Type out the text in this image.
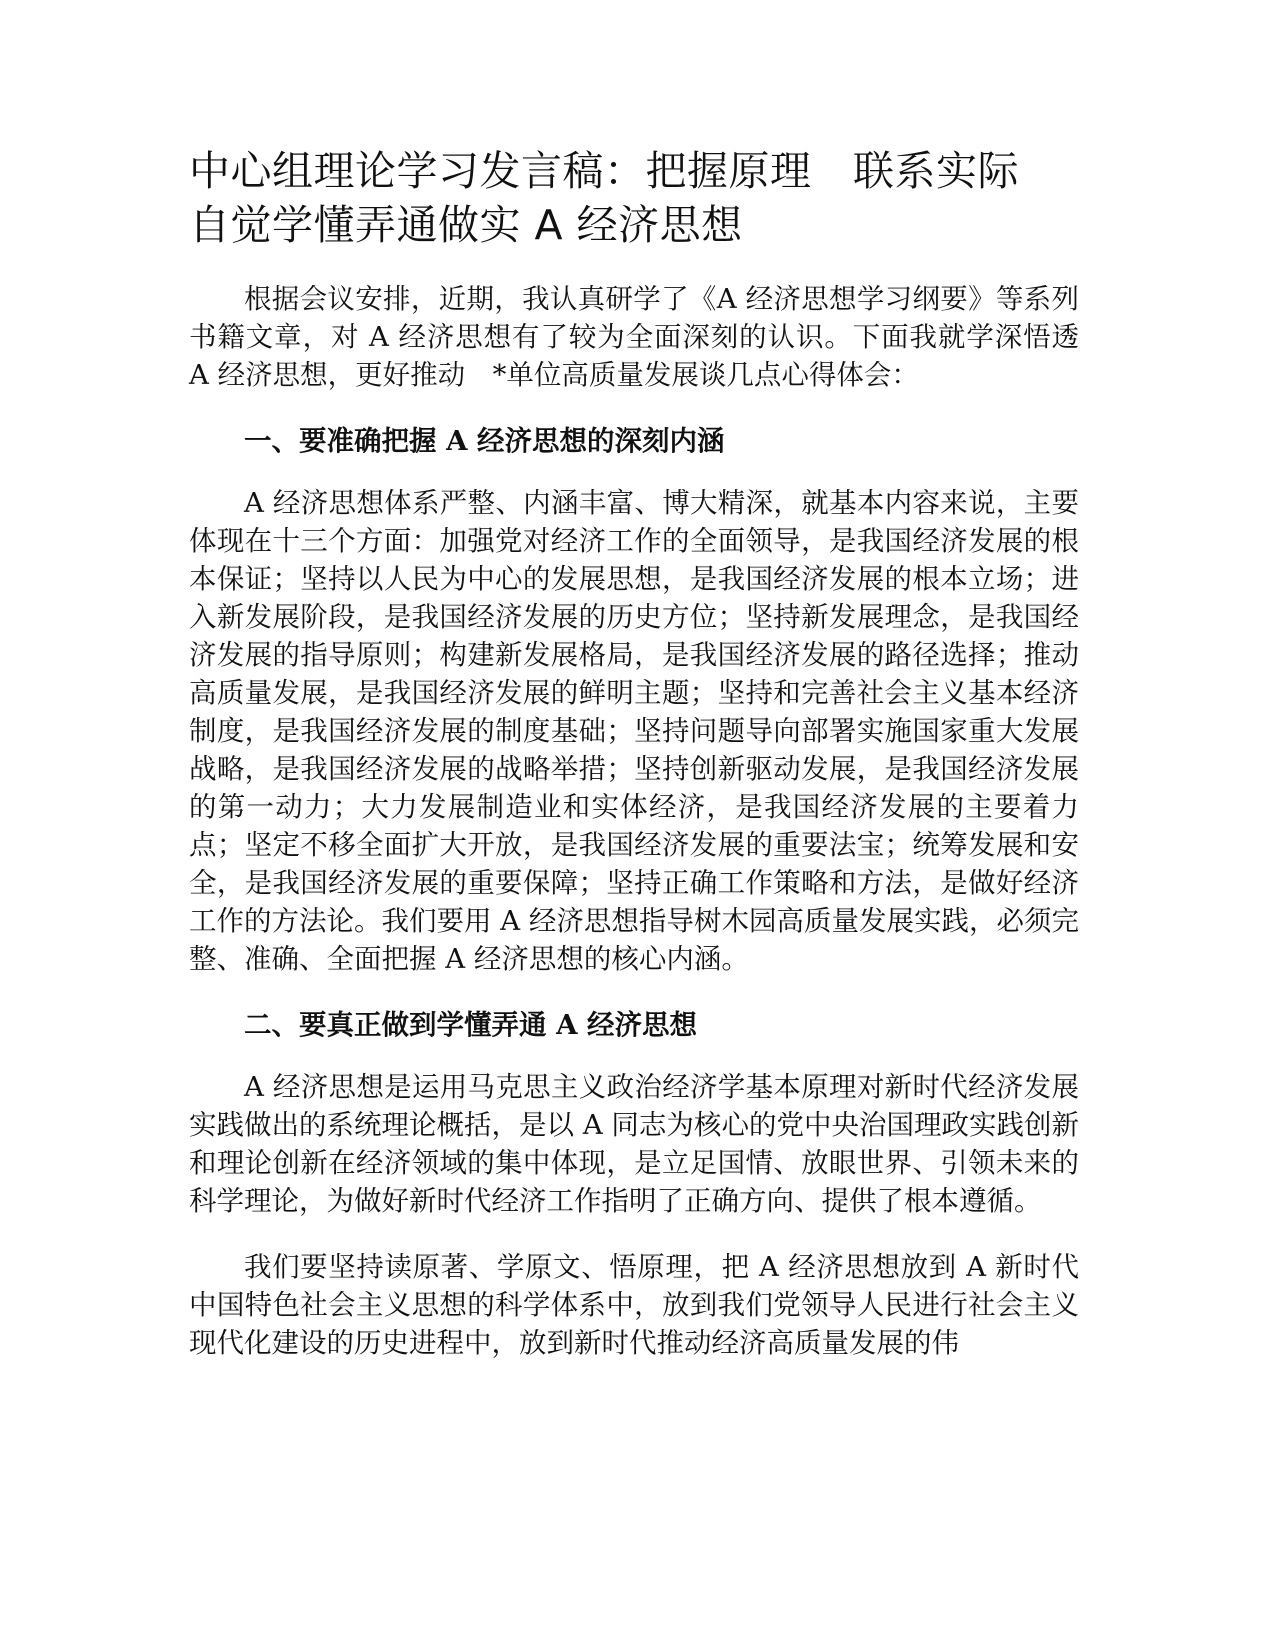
中心组理论学习发言稿：把握原理　联系实际
自觉学懂弄通做实 A 经济思想

根据会议安排，近期，我认真研学了《A 经济思想学习纲要》等系列书籍文章，对 A 经济思想有了较为全面深刻的认识。下面我就学深悟透 A 经济思想，更好推动　*单位高质量发展谈几点心得体会：

一、要准确把握 A 经济思想的深刻内涵

A 经济思想体系严整、内涵丰富、博大精深，就基本内容来说，主要体现在十三个方面：加强党对经济工作的全面领导，是我国经济发展的根本保证；坚持以人民为中心的发展思想，是我国经济发展的根本立场；进入新发展阶段，是我国经济发展的历史方位；坚持新发展理念，是我国经济发展的指导原则；构建新发展格局，是我国经济发展的路径选择；推动高质量发展，是我国经济发展的鲜明主题；坚持和完善社会主义基本经济制度，是我国经济发展的制度基础；坚持问题导向部署实施国家重大发展战略，是我国经济发展的战略举措；坚持创新驱动发展，是我国经济发展的第一动力；大力发展制造业和实体经济，是我国经济发展的主要着力点；坚定不移全面扩大开放，是我国经济发展的重要法宝；统筹发展和安全，是我国经济发展的重要保障；坚持正确工作策略和方法，是做好经济工作的方法论。我们要用 A 经济思想指导树木园高质量发展实践，必须完整、准确、全面把握 A 经济思想的核心内涵。

二、要真正做到学懂弄通 A 经济思想

A 经济思想是运用马克思主义政治经济学基本原理对新时代经济发展实践做出的系统理论概括，是以 A 同志为核心的党中央治国理政实践创新和理论创新在经济领域的集中体现，是立足国情、放眼世界、引领未来的科学理论，为做好新时代经济工作指明了正确方向、提供了根本遵循。

我们要坚持读原著、学原文、悟原理，把 A 经济思想放到 A 新时代中国特色社会主义思想的科学体系中，放到我们党领导人民进行社会主义现代化建设的历史进程中，放到新时代推动经济高质量发展的伟
